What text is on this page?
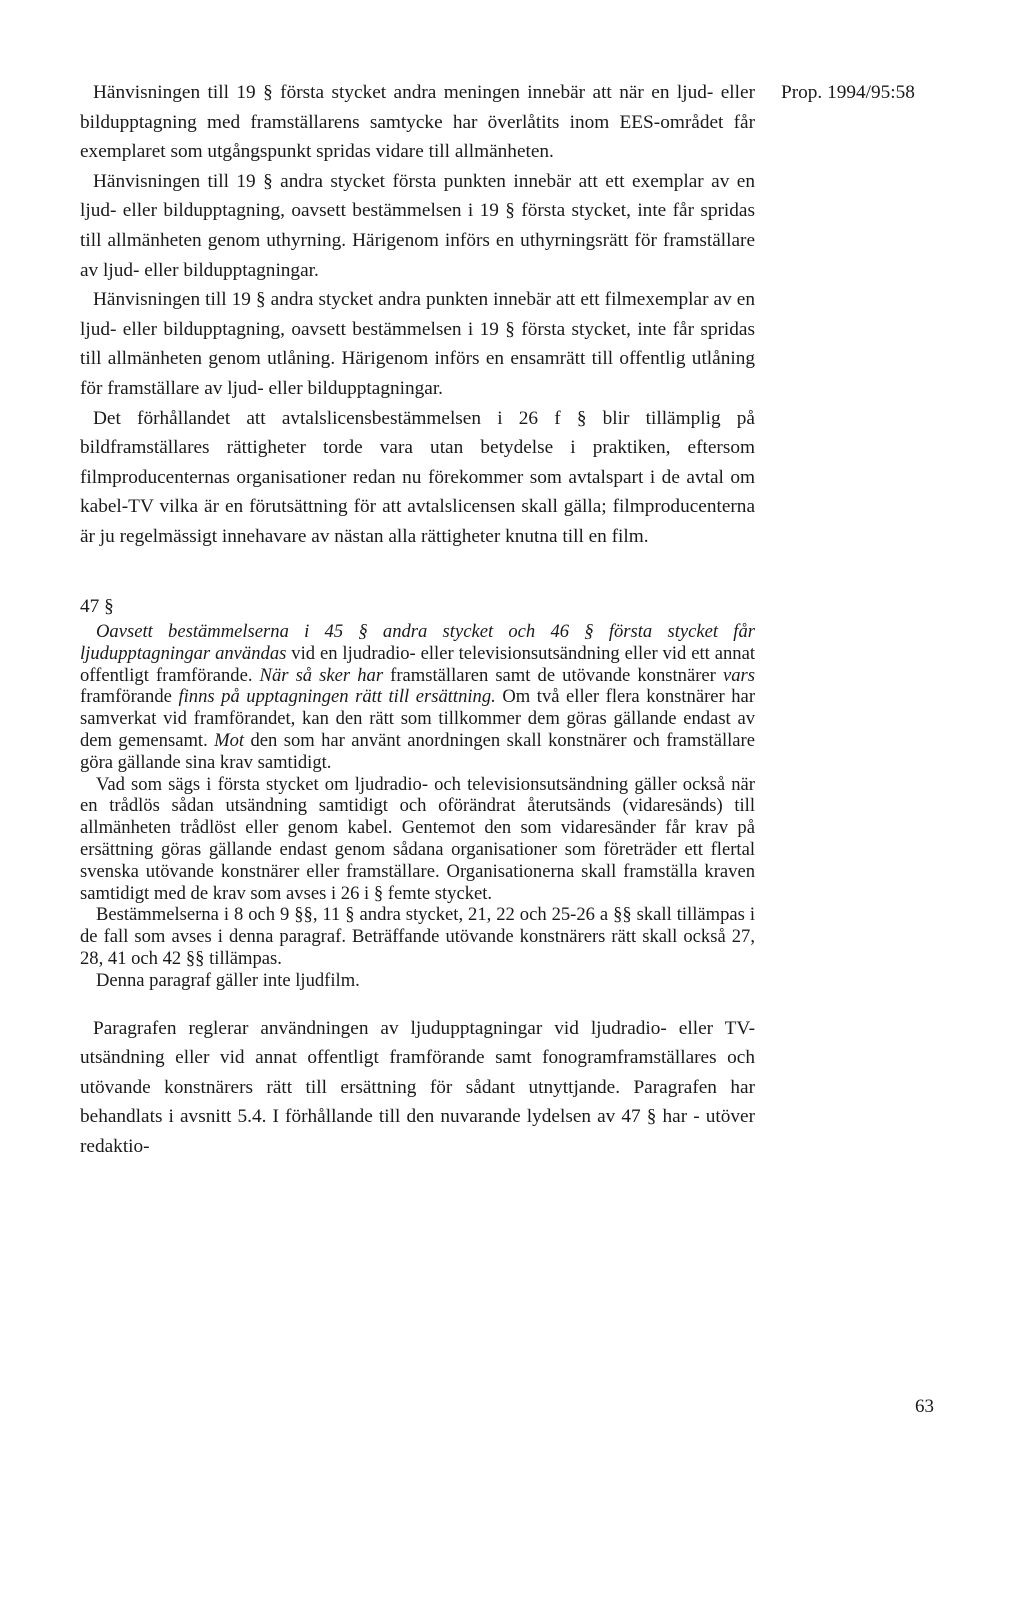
Prop. 1994/95:58

Hänvisningen till 19 § första stycket andra meningen innebär att när en ljud- eller bildupptagning med framställarens samtycke har överlåtits inom EES-området får exemplaret som utgångspunkt spridas vidare till allmänheten.

Hänvisningen till 19 § andra stycket första punkten innebär att ett exemplar av en ljud- eller bildupptagning, oavsett bestämmelsen i 19 § första stycket, inte får spridas till allmänheten genom uthyrning. Härigenom införs en uthyrningsrätt för framställare av ljud- eller bildupptagningar.

Hänvisningen till 19 § andra stycket andra punkten innebär att ett filmexemplar av en ljud- eller bildupptagning, oavsett bestämmelsen i 19 § första stycket, inte får spridas till allmänheten genom utlåning. Härigenom införs en ensamrätt till offentlig utlåning för framställare av ljud- eller bildupptagningar.

Det förhållandet att avtalslicensbestämmelsen i 26 f § blir tillämplig på bildframställares rättigheter torde vara utan betydelse i praktiken, eftersom filmproducenternas organisationer redan nu förekommer som avtalspart i de avtal om kabel-TV vilka är en förutsättning för att avtalslicensen skall gälla; filmproducenterna är ju regelmässigt innehavare av nästan alla rättigheter knutna till en film.

47 §

Oavsett bestämmelserna i 45 § andra stycket och 46 § första stycket får ljudupptagningar användas vid en ljudradio- eller televisionsutsändning eller vid ett annat offentligt framförande. När så sker har framställaren samt de utövande konstnärer vars framförande finns på upptagningen rätt till ersättning. Om två eller flera konstnärer har samverkat vid framförandet, kan den rätt som tillkommer dem göras gällande endast av dem gemensamt. Mot den som har använt anordningen skall konstnärer och framställare göra gällande sina krav samtidigt.

Vad som sägs i första stycket om ljudradio- och televisionsutsändning gäller också när en trådlös sådan utsändning samtidigt och oförändrat återutsänds (vidaresänds) till allmänheten trådlöst eller genom kabel. Gentemot den som vidaresänder får krav på ersättning göras gällande endast genom sådana organisationer som företräder ett flertal svenska utövande konstnärer eller framställare. Organisationerna skall framställa kraven samtidigt med de krav som avses i 26 i § femte stycket.

Bestämmelserna i 8 och 9 §§, 11 § andra stycket, 21, 22 och 25-26 a §§ skall tillämpas i de fall som avses i denna paragraf. Beträffande utövande konstnärers rätt skall också 27, 28, 41 och 42 §§ tillämpas.

Denna paragraf gäller inte ljudfilm.

Paragrafen reglerar användningen av ljudupptagningar vid ljudradio- eller TV- utsändning eller vid annat offentligt framförande samt fonogramframställares och utövande konstnärers rätt till ersättning för sådant utnyttjande. Paragrafen har behandlats i avsnitt 5.4. I förhållande till den nuvarande lydelsen av 47 § har - utöver redaktio-

63
